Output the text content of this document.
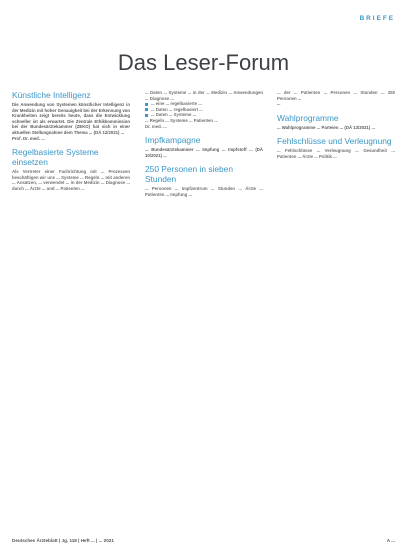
BRIEFE
Das Leser-Forum
Künstliche Intelligenz

Die Anwendung von Systemen künstlicher Intelligenz in der Medizin mit hoher Genauigkeit bei der Erkennung von Krankheiten zeigt bereits heute, dass die Entwicklung schneller ist als erwartet. Die Zentrale Ethikkommission bei der Bundesärztekammer (ZEKO) hat sich in einer aktuellen Stellungnahme dem Thema ... (DÄ 12/2021) ...

Prof. Dr. med. ...

Regelbasierte Systeme einsetzen

Als Vertreter einer Fachrichtung mit ... Prozessen beschäftigen wir uns ... Systeme ... Regeln ... mit anderen ... Ansätzen, ... verwendet ... in der Medizin ... Diagnose ... durch ... Ärzte ... und ... Patienten ...

... Daten ... Systeme ... in der ... Medizin ... Anwendungen ... Diagnose ...

... eine ... regelbasierte ...
... Daten ... regelbasiert ...
... Daten ... Systeme ...

... Regeln ... Systeme ... Patienten ...

Dr. med. ...

Impfkampagne

... Bundesärztekammer ... Impfung ... Impfstoff ... (DÄ 10/2021) ...

250 Personen in sieben Stunden

... Personen ... Impfzentrum ... Stunden ... Ärzte ... Patienten ... Impfung ...

... der ... Patienten ... Personen ... Stunden ... 250 Personen ...

...
Wahlprogramme

... Wahlprogramme ... Parteien ... (DÄ 13/2021) ...

Fehlschlüsse und Verleugnung

... Fehlschlüsse ... Verleugnung ... Gesundheit ... Patienten ... Ärzte ... Politik ...

Deutsches Ärzteblatt | Jg. 118 | Heft ... | ... 2021	A ...
